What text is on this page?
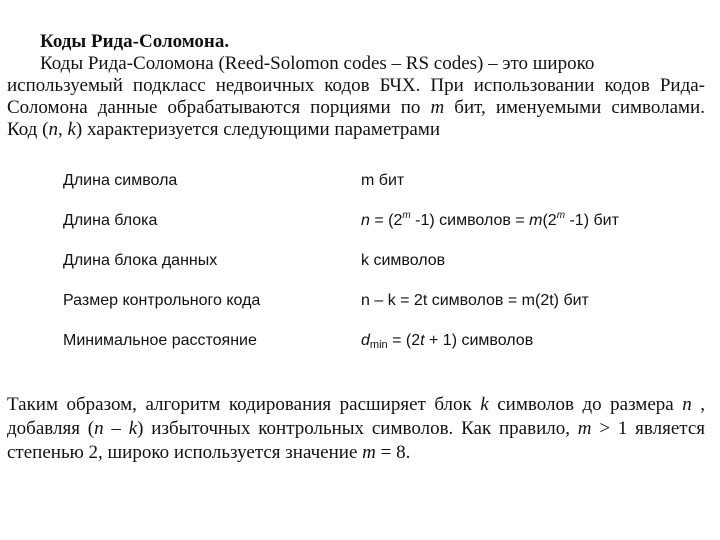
Коды Рида-Соломона.
Коды Рида-Соломона (Reed-Solomon codes – RS codes) – это широко
используемый подкласс недвоичных кодов БЧХ. При использовании кодов Рида-
Соломона данные обрабатываются порциями по m бит, именуемыми символами.
Код (n, k) характеризуется следующими параметрами
Длина символа	m бит
Длина блока	$n = (2^m$ -1) символов = $m(2^m$ -1) бит
Длина блока данных	k символов
Размер контрольного кода	n – k = 2t символов = m(2t) бит
Минимальное расстояние	$d_{min} = (2t + 1)$ символов
Таким образом, алгоритм кодирования расширяет блок k символов до размера n ,
добавляя (n – k) избыточных контрольных символов. Как правило, m > 1 является
степенью 2, широко используется значение m = 8.
